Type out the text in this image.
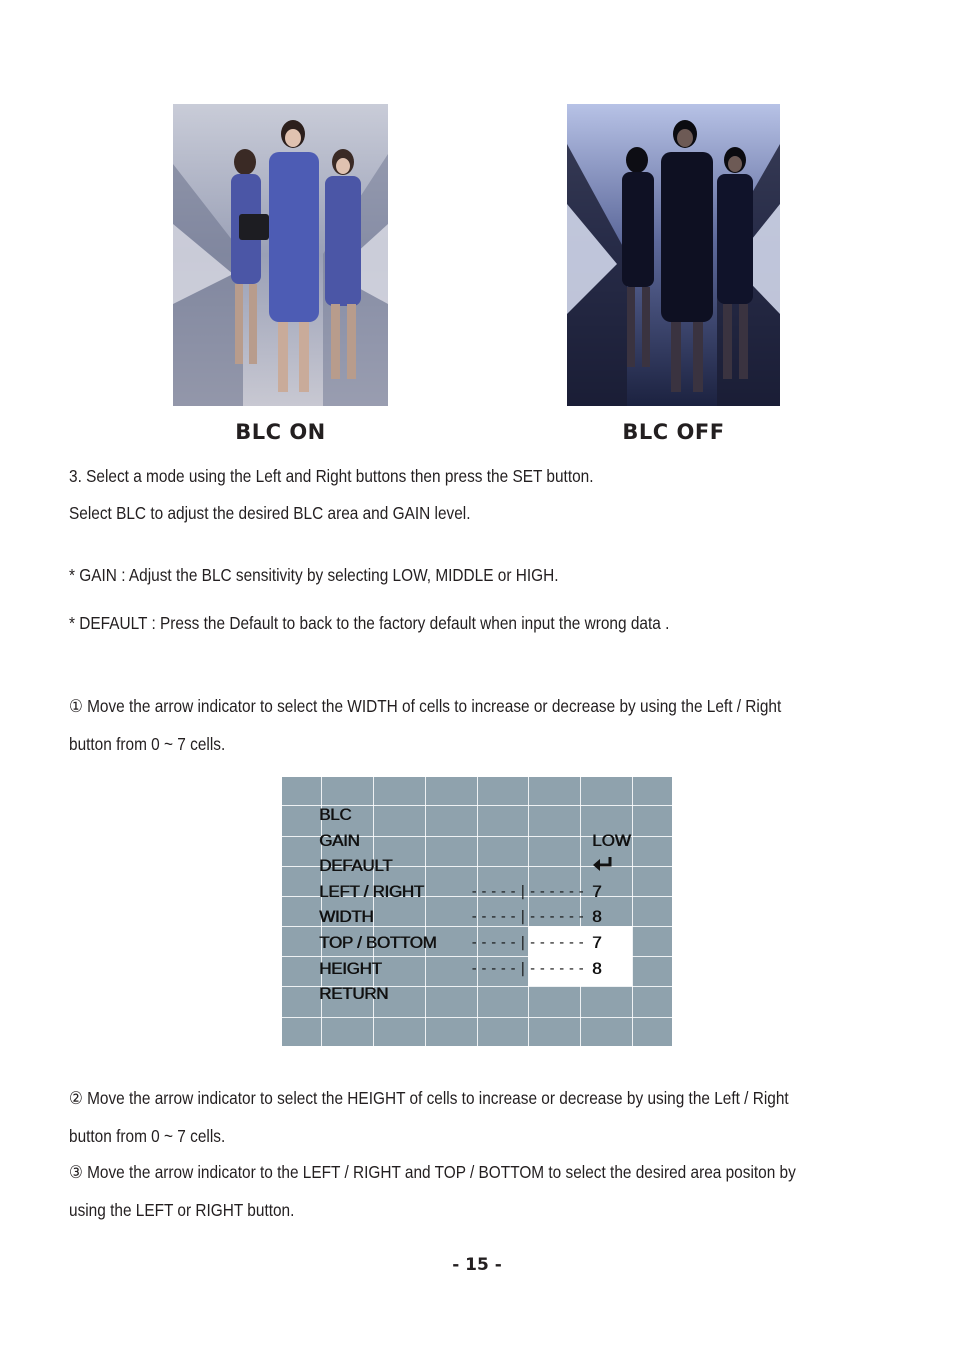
BLC ON	BLC OFF
3. Select a mode using the Left and Right buttons then press the SET button.
Select BLC to adjust the desired BLC area and GAIN level.
* GAIN : Adjust the BLC sensitivity by selecting LOW, MIDDLE or HIGH.
* DEFAULT : Press the Default to back to the factory default when input the wrong data .
① Move the arrow indicator to select the WIDTH of cells to increase or decrease by using the Left / Right
button from 0 ~ 7 cells.
BLC
GAIN
DEFAULT
LEFT / RIGHT
WIDTH
TOP / BOTTOM
HEIGHT
RETURN
-----|------
-----|------
-----|------
-----|------
LOW
7
8
7
8
② Move the arrow indicator to select the HEIGHT of cells to increase or decrease by using the Left / Right
button from 0 ~ 7 cells.
③ Move the arrow indicator to the LEFT / RIGHT and TOP / BOTTOM to select the desired area positon by
using the LEFT or RIGHT button.
- 15 -
